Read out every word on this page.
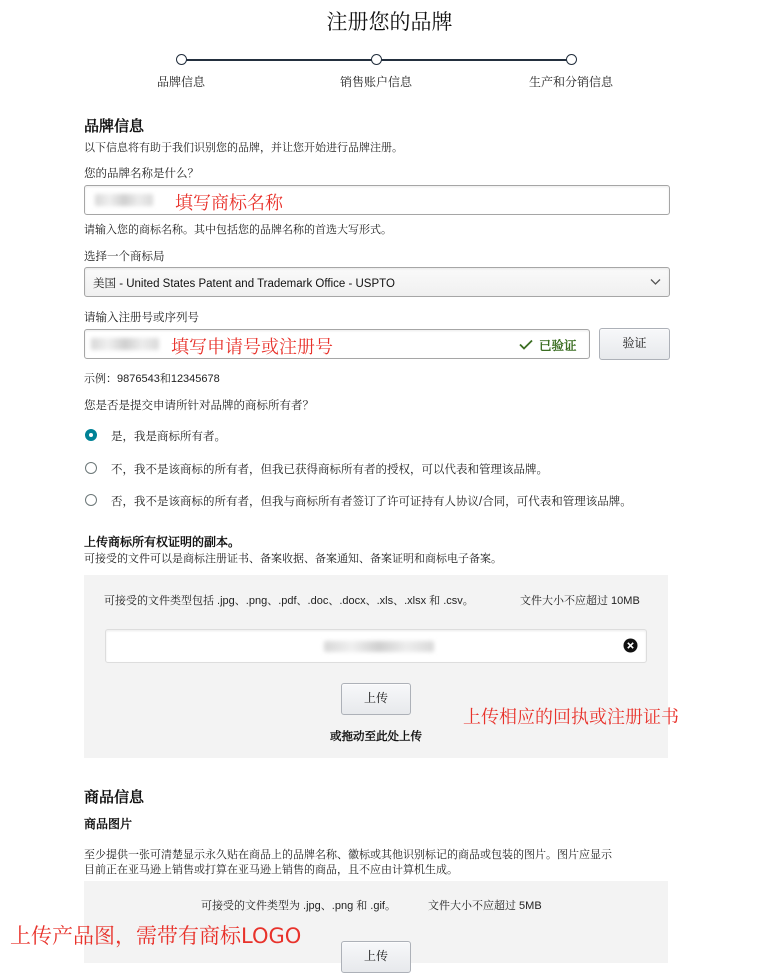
注册您的品牌
品牌信息	销售账户信息	生产和分销信息
品牌信息
以下信息将有助于我们识别您的品牌，并让您开始进行品牌注册。
您的品牌名称是什么？
填写商标名称
请输入您的商标名称。其中包括您的品牌名称的首选大写形式。
选择一个商标局
美国 - United States Patent and Trademark Office - USPTO
请输入注册号或序列号
填写申请号或注册号	已验证	验证
示例：9876543和12345678
您是否是提交申请所针对品牌的商标所有者？
是，我是商标所有者。
不，我不是该商标的所有者，但我已获得商标所有者的授权，可以代表和管理该品牌。
否，我不是该商标的所有者，但我与商标所有者签订了许可证持有人协议/合同，可代表和管理该品牌。
上传商标所有权证明的副本。
可接受的文件可以是商标注册证书、备案收据、备案通知、备案证明和商标电子备案。
可接受的文件类型包括 .jpg、.png、.pdf、.doc、.docx、.xls、.xlsx 和 .csv。	文件大小不应超过 10MB
上传
或拖动至此处上传
上传相应的回执或注册证书
商品信息
商品图片
至少提供一张可清楚显示永久贴在商品上的品牌名称、徽标或其他识别标记的商品或包装的图片。图片应显示
目前正在亚马逊上销售或打算在亚马逊上销售的商品，且不应由计算机生成。
可接受的文件类型为 .jpg、.png 和 .gif。	文件大小不应超过 5MB
上传
上传产品图，需带有商标LOGO
